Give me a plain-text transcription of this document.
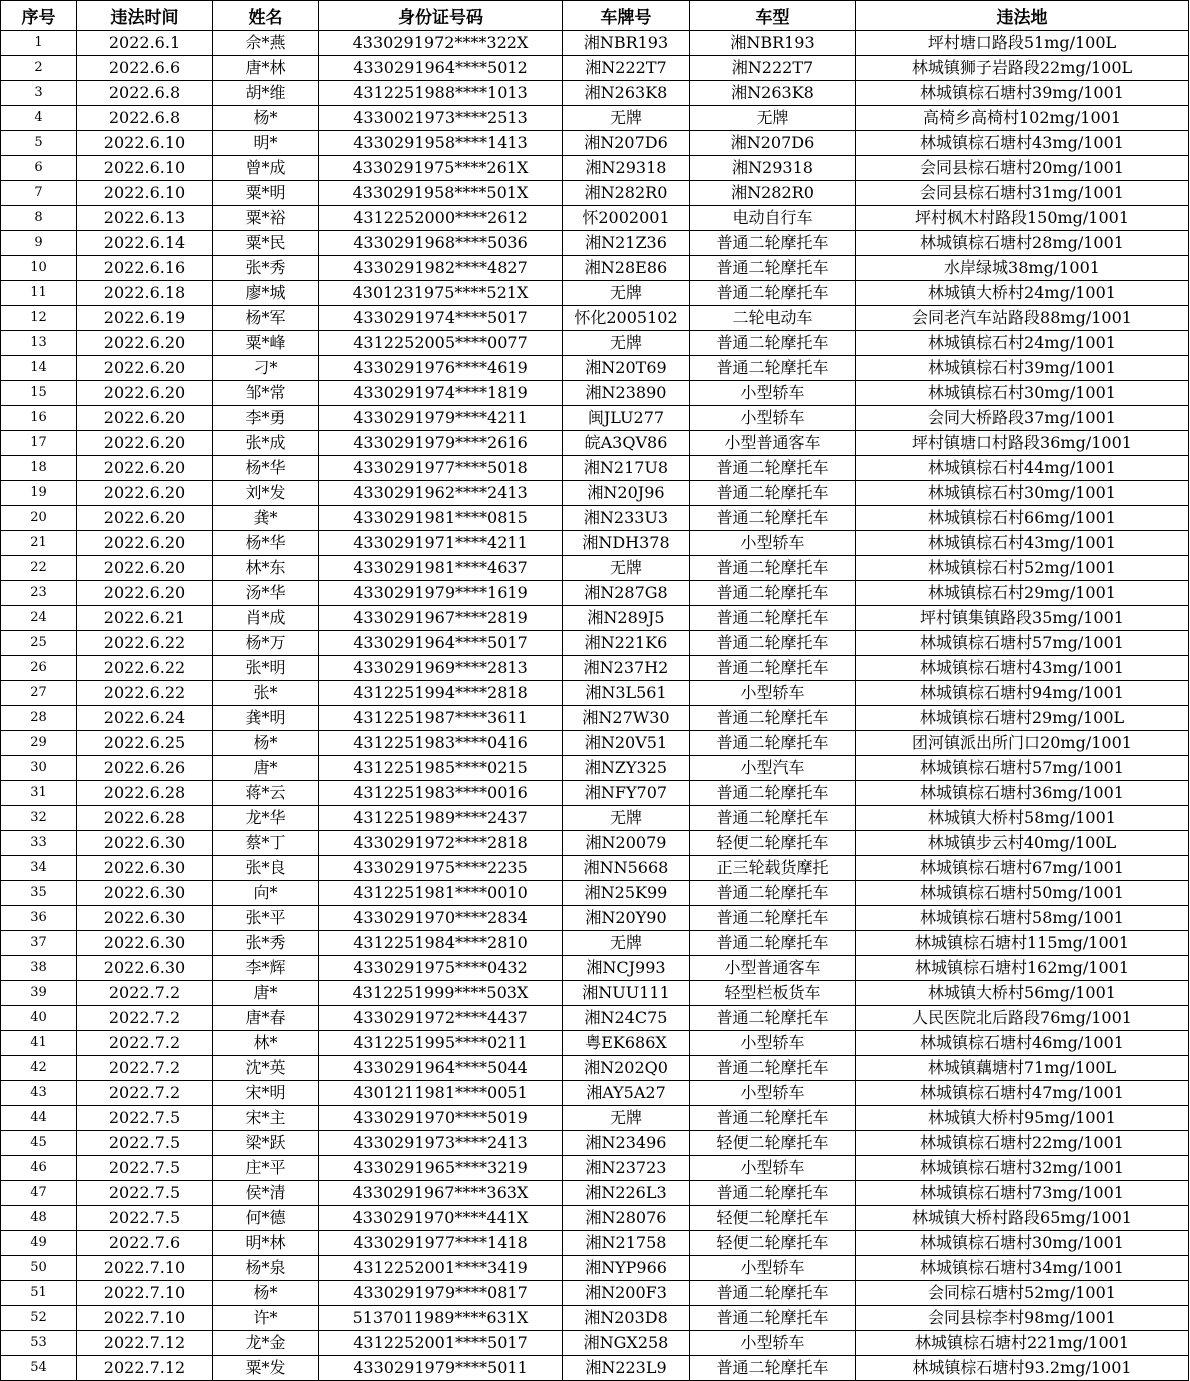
序号	违法时间	姓名	身份证号码	车牌号	车型	违法地
1	2022.6.1	佘*燕	4330291972****322X	湘NBR193	湘NBR193	坪村塘口路段51mg/100L
2	2022.6.6	唐*林	4330291964****5012	湘N222T7	湘N222T7	林城镇狮子岩路段22mg/100L
3	2022.6.8	胡*维	4312251988****1013	湘N263K8	湘N263K8	林城镇棕石塘村39mg/1001
4	2022.6.8	杨*	4330021973****2513	无牌	无牌	高椅乡高椅村102mg/1001
5	2022.6.10	明*	4330291958****1413	湘N207D6	湘N207D6	林城镇棕石塘村43mg/1001
6	2022.6.10	曾*成	4330291975****261X	湘N29318	湘N29318	会同县棕石塘村20mg/1001
7	2022.6.10	粟*明	4330291958****501X	湘N282R0	湘N282R0	会同县棕石塘村31mg/1001
8	2022.6.13	粟*裕	4312252000****2612	怀2002001	电动自行车	坪村枫木村路段150mg/1001
9	2022.6.14	粟*民	4330291968****5036	湘N21Z36	普通二轮摩托车	林城镇棕石塘村28mg/1001
10	2022.6.16	张*秀	4330291982****4827	湘N28E86	普通二轮摩托车	水岸绿城38mg/1001
11	2022.6.18	廖*城	4301231975****521X	无牌	普通二轮摩托车	林城镇大桥村24mg/1001
12	2022.6.19	杨*军	4330291974****5017	怀化2005102	二轮电动车	会同老汽车站路段88mg/1001
13	2022.6.20	粟*峰	4312252005****0077	无牌	普通二轮摩托车	林城镇棕石村24mg/1001
14	2022.6.20	刁*	4330291976****4619	湘N20T69	普通二轮摩托车	林城镇棕石村39mg/1001
15	2022.6.20	邹*常	4330291974****1819	湘N23890	小型轿车	林城镇棕石村30mg/1001
16	2022.6.20	李*勇	4330291979****4211	闽JLU277	小型轿车	会同大桥路段37mg/1001
17	2022.6.20	张*成	4330291979****2616	皖A3QV86	小型普通客车	坪村镇塘口村路段36mg/1001
18	2022.6.20	杨*华	4330291977****5018	湘N217U8	普通二轮摩托车	林城镇棕石村44mg/1001
19	2022.6.20	刘*发	4330291962****2413	湘N20J96	普通二轮摩托车	林城镇棕石村30mg/1001
20	2022.6.20	龚*	4330291981****0815	湘N233U3	普通二轮摩托车	林城镇棕石村66mg/1001
21	2022.6.20	杨*华	4330291971****4211	湘NDH378	小型轿车	林城镇棕石村43mg/1001
22	2022.6.20	林*东	4330291981****4637	无牌	普通二轮摩托车	林城镇棕石村52mg/1001
23	2022.6.20	汤*华	4330291979****1619	湘N287G8	普通二轮摩托车	林城镇棕石村29mg/1001
24	2022.6.21	肖*成	4330291967****2819	湘N289J5	普通二轮摩托车	坪村镇集镇路段35mg/1001
25	2022.6.22	杨*万	4330291964****5017	湘N221K6	普通二轮摩托车	林城镇棕石塘村57mg/1001
26	2022.6.22	张*明	4330291969****2813	湘N237H2	普通二轮摩托车	林城镇棕石塘村43mg/1001
27	2022.6.22	张*	4312251994****2818	湘N3L561	小型轿车	林城镇棕石塘村94mg/1001
28	2022.6.24	龚*明	4312251987****3611	湘N27W30	普通二轮摩托车	林城镇棕石塘村29mg/100L
29	2022.6.25	杨*	4312251983****0416	湘N20V51	普通二轮摩托车	团河镇派出所门口20mg/1001
30	2022.6.26	唐*	4312251985****0215	湘NZY325	小型汽车	林城镇棕石塘村57mg/1001
31	2022.6.28	蒋*云	4312251983****0016	湘NFY707	普通二轮摩托车	林城镇棕石塘村36mg/1001
32	2022.6.28	龙*华	4312251989****2437	无牌	普通二轮摩托车	林城镇大桥村58mg/1001
33	2022.6.30	蔡*丁	4330291972****2818	湘N20079	轻便二轮摩托车	林城镇步云村40mg/100L
34	2022.6.30	张*良	4330291975****2235	湘NN5668	正三轮载货摩托	林城镇棕石塘村67mg/1001
35	2022.6.30	向*	4312251981****0010	湘N25K99	普通二轮摩托车	林城镇棕石塘村50mg/1001
36	2022.6.30	张*平	4330291970****2834	湘N20Y90	普通二轮摩托车	林城镇棕石塘村58mg/1001
37	2022.6.30	张*秀	4312251984****2810	无牌	普通二轮摩托车	林城镇棕石塘村115mg/1001
38	2022.6.30	李*辉	4330291975****0432	湘NCJ993	小型普通客车	林城镇棕石塘村162mg/1001
39	2022.7.2	唐*	4312251999****503X	湘NUU111	轻型栏板货车	林城镇大桥村56mg/1001
40	2022.7.2	唐*春	4330291972****4437	湘N24C75	普通二轮摩托车	人民医院北后路段76mg/1001
41	2022.7.2	林*	4312251995****0211	粤EK686X	小型轿车	林城镇棕石塘村46mg/1001
42	2022.7.2	沈*英	4330291964****5044	湘N202Q0	普通二轮摩托车	林城镇藕塘村71mg/100L
43	2022.7.2	宋*明	4301211981****0051	湘AY5A27	小型轿车	林城镇棕石塘村47mg/1001
44	2022.7.5	宋*主	4330291970****5019	无牌	普通二轮摩托车	林城镇大桥村95mg/1001
45	2022.7.5	梁*跃	4330291973****2413	湘N23496	轻便二轮摩托车	林城镇棕石塘村22mg/1001
46	2022.7.5	庄*平	4330291965****3219	湘N23723	小型轿车	林城镇棕石塘村32mg/1001
47	2022.7.5	侯*清	4330291967****363X	湘N226L3	普通二轮摩托车	林城镇棕石塘村73mg/1001
48	2022.7.5	何*德	4330291970****441X	湘N28076	轻便二轮摩托车	林城镇大桥村路段65mg/1001
49	2022.7.6	明*林	4330291977****1418	湘N21758	轻便二轮摩托车	林城镇棕石塘村30mg/1001
50	2022.7.10	杨*泉	4312252001****3419	湘NYP966	小型轿车	林城镇棕石塘村34mg/1001
51	2022.7.10	杨*	4330291979****0817	湘N200F3	普通二轮摩托车	会同棕石塘村52mg/1001
52	2022.7.10	许*	5137011989****631X	湘N203D8	普通二轮摩托车	会同县棕李村98mg/1001
53	2022.7.12	龙*金	4312252001****5017	湘NGX258	小型轿车	林城镇棕石塘村221mg/1001
54	2022.7.12	粟*发	4330291979****5011	湘N223L9	普通二轮摩托车	林城镇棕石塘村93.2mg/1001
